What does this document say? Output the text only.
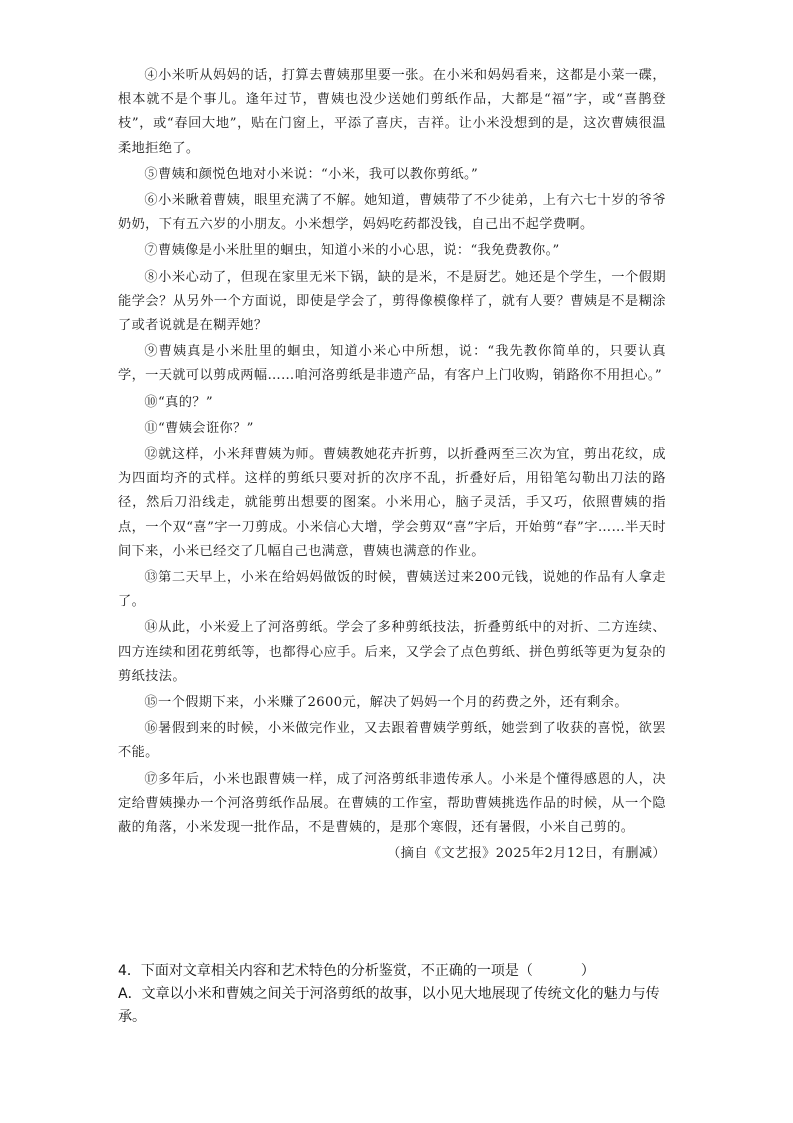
④小米听从妈妈的话，打算去曹姨那里要一张。在小米和妈妈看来，这都是小菜一碟，根本就不是个事儿。逢年过节，曹姨也没少送她们剪纸作品，大都是“福”字，或“喜鹊登枝”，或“春回大地”，贴在门窗上，平添了喜庆，吉祥。让小米没想到的是，这次曹姨很温柔地拒绝了。

⑤曹姨和颜悦色地对小米说：“小米，我可以教你剪纸。”

⑥小米瞅着曹姨，眼里充满了不解。她知道，曹姨带了不少徒弟，上有六七十岁的爷爷奶奶，下有五六岁的小朋友。小米想学，妈妈吃药都没钱，自己出不起学费啊。

⑦曹姨像是小米肚里的蛔虫，知道小米的小心思，说：“我免费教你。”

⑧小米心动了，但现在家里无米下锅，缺的是米，不是厨艺。她还是个学生，一个假期能学会？从另外一个方面说，即使是学会了，剪得像模像样了，就有人要？曹姨是不是糊涂了或者说就是在糊弄她？

⑨曹姨真是小米肚里的蛔虫，知道小米心中所想，说：“我先教你简单的，只要认真学，一天就可以剪成两幅……咱河洛剪纸是非遗产品，有客户上门收购，销路你不用担心。”

⑩“真的？”

⑪“曹姨会诳你？”

⑫就这样，小米拜曹姨为师。曹姨教她花卉折剪，以折叠两至三次为宜，剪出花纹，成为四面均齐的式样。这样的剪纸只要对折的次序不乱，折叠好后，用铅笔勾勒出刀法的路径，然后刀沿线走，就能剪出想要的图案。小米用心，脑子灵活，手又巧，依照曹姨的指点，一个双“喜”字一刀剪成。小米信心大增，学会剪双“喜”字后，开始剪“春”字……半天时间下来，小米已经交了几幅自己也满意，曹姨也满意的作业。

⑬第二天早上，小米在给妈妈做饭的时候，曹姨送过来200元钱，说她的作品有人拿走了。

⑭从此，小米爱上了河洛剪纸。学会了多种剪纸技法，折叠剪纸中的对折、二方连续、四方连续和团花剪纸等，也都得心应手。后来，又学会了点色剪纸、拼色剪纸等更为复杂的剪纸技法。

⑮一个假期下来，小米赚了2600元，解决了妈妈一个月的药费之外，还有剩余。

⑯暑假到来的时候，小米做完作业，又去跟着曹姨学剪纸，她尝到了收获的喜悦，欲罢不能。

⑰多年后，小米也跟曹姨一样，成了河洛剪纸非遗传承人。小米是个懂得感恩的人，决定给曹姨操办一个河洛剪纸作品展。在曹姨的工作室，帮助曹姨挑选作品的时候，从一个隐蔽的角落，小米发现一批作品，不是曹姨的，是那个寒假，还有暑假，小米自己剪的。

（摘自《文艺报》2025年2月12日，有删减）

4．下面对文章相关内容和艺术特色的分析鉴赏，不正确的一项是（	）

A．文章以小米和曹姨之间关于河洛剪纸的故事，以小见大地展现了传统文化的魅力与传承。
